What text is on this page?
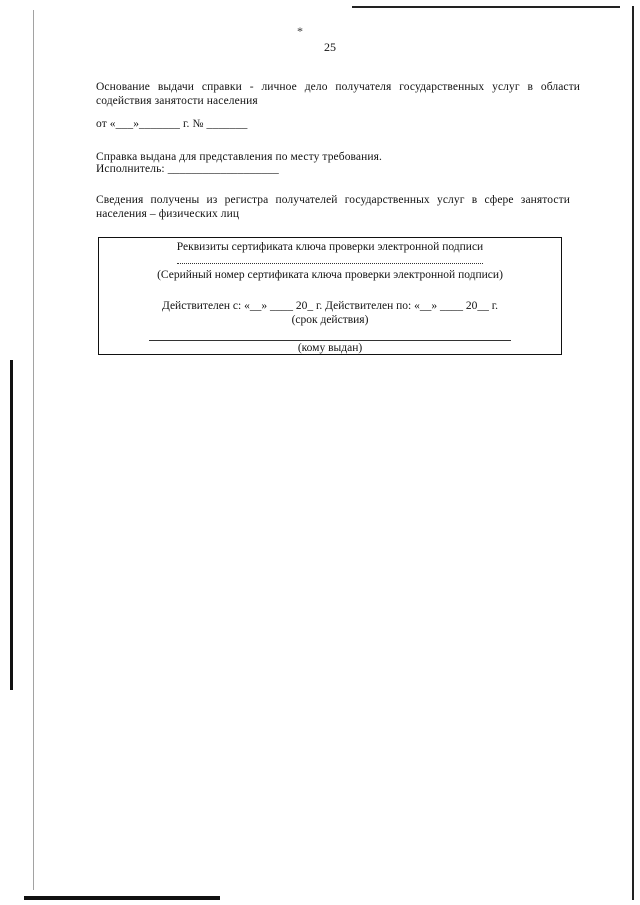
*
25
Основание выдачи справки - личное дело получателя государственных услуг в области
содействия занятости населения
от «___»_______ г. № _______
Справка выдана для представления по месту требования.
Исполнитель: ___________________
Сведения получены из регистра получателей государственных услуг в сфере занятости
населения – физических лиц
Реквизиты сертификата ключа проверки электронной подписи
(Серийный номер сертификата ключа проверки электронной подписи)
Действителен с: «__» ____ 20_ г. Действителен по: «__» ____ 20__ г.
(срок действия)
(кому выдан)
